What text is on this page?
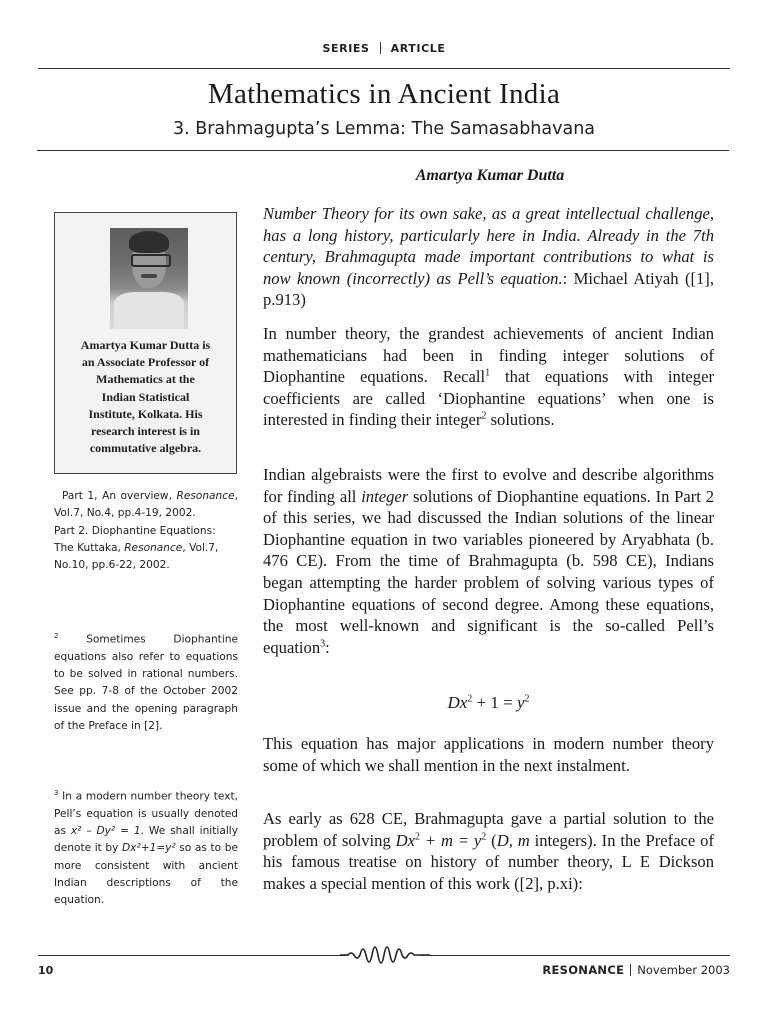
SERIES ARTICLE
Mathematics in Ancient India
3. Brahmagupta’s Lemma: The Samasabhavana
Amartya Kumar Dutta
Amartya Kumar Dutta is
an Associate Professor of
Mathematics at the
Indian Statistical
Institute, Kolkata. His
research interest is in
commutative algebra.

Part 1, An overview, Resonance, Vol.7, No.4, pp.4-19, 2002.

Part 2. Diophantine Equations: The Kuttaka, Resonance, Vol.7, No.10, pp.6-22, 2002.

$^2$ Sometimes Diophantine equations also refer to equations to be solved in rational numbers. See pp. 7-8 of the October 2002 issue and the opening paragraph of the Preface in [2].

$^3$ In a modern number theory text, Pell’s equation is usually denoted as x² – Dy² = 1. We shall initially denote it by Dx²+1=y² so as to be more consistent with ancient Indian descriptions of the equation.

Number Theory for its own sake, as a great intellectual challenge, has a long history, particularly here in India. Already in the 7th century, Brahmagupta made important contributions to what is now known (incorrectly) as Pell’s equation.: Michael Atiyah ([1], p.913)

In number theory, the grandest achievements of ancient Indian mathematicians had been in finding integer solutions of Diophantine equations. Recall$^1$ that equations with integer coefficients are called ‘Diophantine equations’ when one is interested in finding their integer$^2$ solutions.

Indian algebraists were the first to evolve and describe algorithms for finding all integer solutions of Diophantine equations. In Part 2 of this series, we had discussed the Indian solutions of the linear Diophantine equation in two variables pioneered by Aryabhata (b. 476 CE). From the time of Brahmagupta (b. 598 CE), Indians began attempting the harder problem of solving various types of Diophantine equations of second degree. Among these equations, the most well-known and significant is the so-called Pell’s equation$^3$:

$Dx^2 + 1 = y^2$

This equation has major applications in modern number theory some of which we shall mention in the next instalment.

As early as 628 CE, Brahmagupta gave a partial solution to the problem of solving $Dx^2 + m = y^2$ (D, m integers). In the Preface of his famous treatise on history of number theory, L E Dickson makes a special mention of this work ([2], p.xi):

10	RESONANCE November 2003
